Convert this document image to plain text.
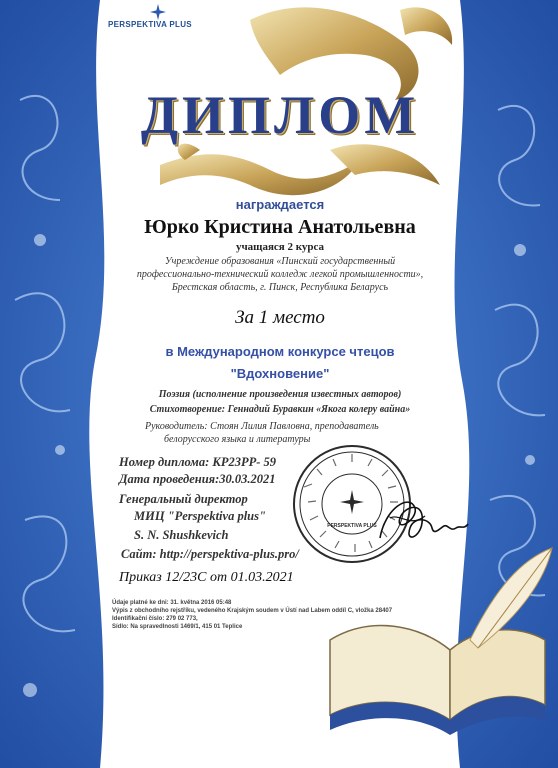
PERSPEKTIVA PLUS
ДИПЛОМ
награждается
Юрко Кристина Анатольевна
учащаяся 2 курса
Учреждение образования «Пинский государственный
профессионально-технический колледж легкой промышленности»,
Брестская область, г. Пинск, Республика Беларусь
За 1 место
в Международном конкурсе чтецов
"Вдохновение"
Поэзия (исполнение произведения известных авторов)
Стихотворение: Геннадий Буравкин «Якога колеру вайна»
Руководитель: Стоян Лилия Павловна, преподаватель
белорусского языка и литературы
Номер диплома: КР23РР- 59
Дата проведения:30.03.2021
Генеральный директор
МИЦ "Perspektiva plus"
S. N. Shushkevich
Сайт: http://perspektiva-plus.pro/
Приказ 12/23С от 01.03.2021
PERSPEKTIVA PLUS
Údaje platné ke dni: 31. května 2016 05:48
Výpis z obchodního rejstříku, vedeného Krajským soudem v Ústí nad Labem oddíl C, vložka 28407
Identifikační číslo: 279 02 773,
Sídlo: Na spravedlnosti 1469/1, 415 01 Teplice
